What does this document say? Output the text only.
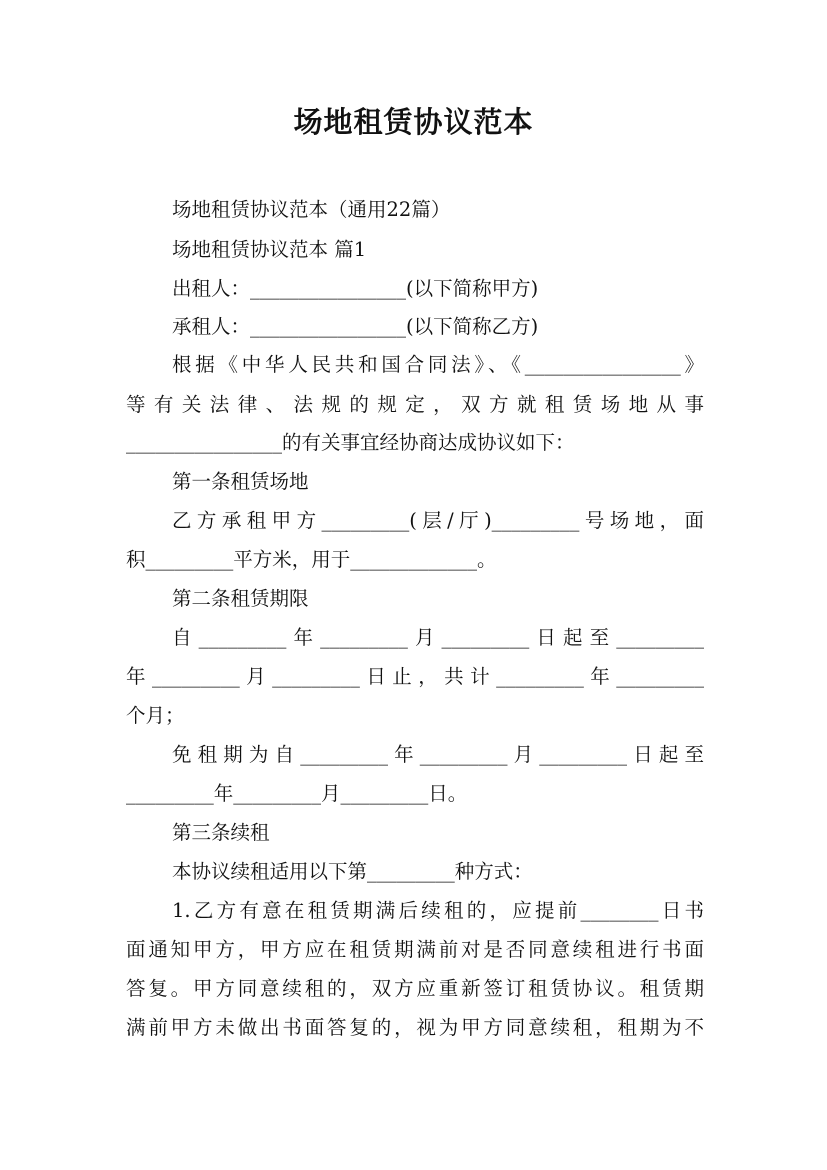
场地租赁协议范本

场地租赁协议范本（通用22篇）

场地租赁协议范本 篇1

出租人：________________(以下简称甲方)

承租人：________________(以下简称乙方)

根据《中华人民共和国合同法》、《________________》

等有关法律、法规的规定，双方就租赁场地从事

________________的有关事宜经协商达成协议如下：

第一条租赁场地

乙方承租甲方_________(层/厅)_________号场地，面

积_________平方米，用于_____________。

第二条租赁期限

自_________年_________月_________日起至_________

年_________月_________日止，共计_________年_________

个月；

免租期为自_________年_________月_________日起至

_________年_________月_________日。

第三条续租

本协议续租适用以下第_________种方式：

1.乙方有意在租赁期满后续租的，应提前________日书

面通知甲方，甲方应在租赁期满前对是否同意续租进行书面

答复。甲方同意续租的，双方应重新签订租赁协议。租赁期

满前甲方未做出书面答复的，视为甲方同意续租，租期为不
